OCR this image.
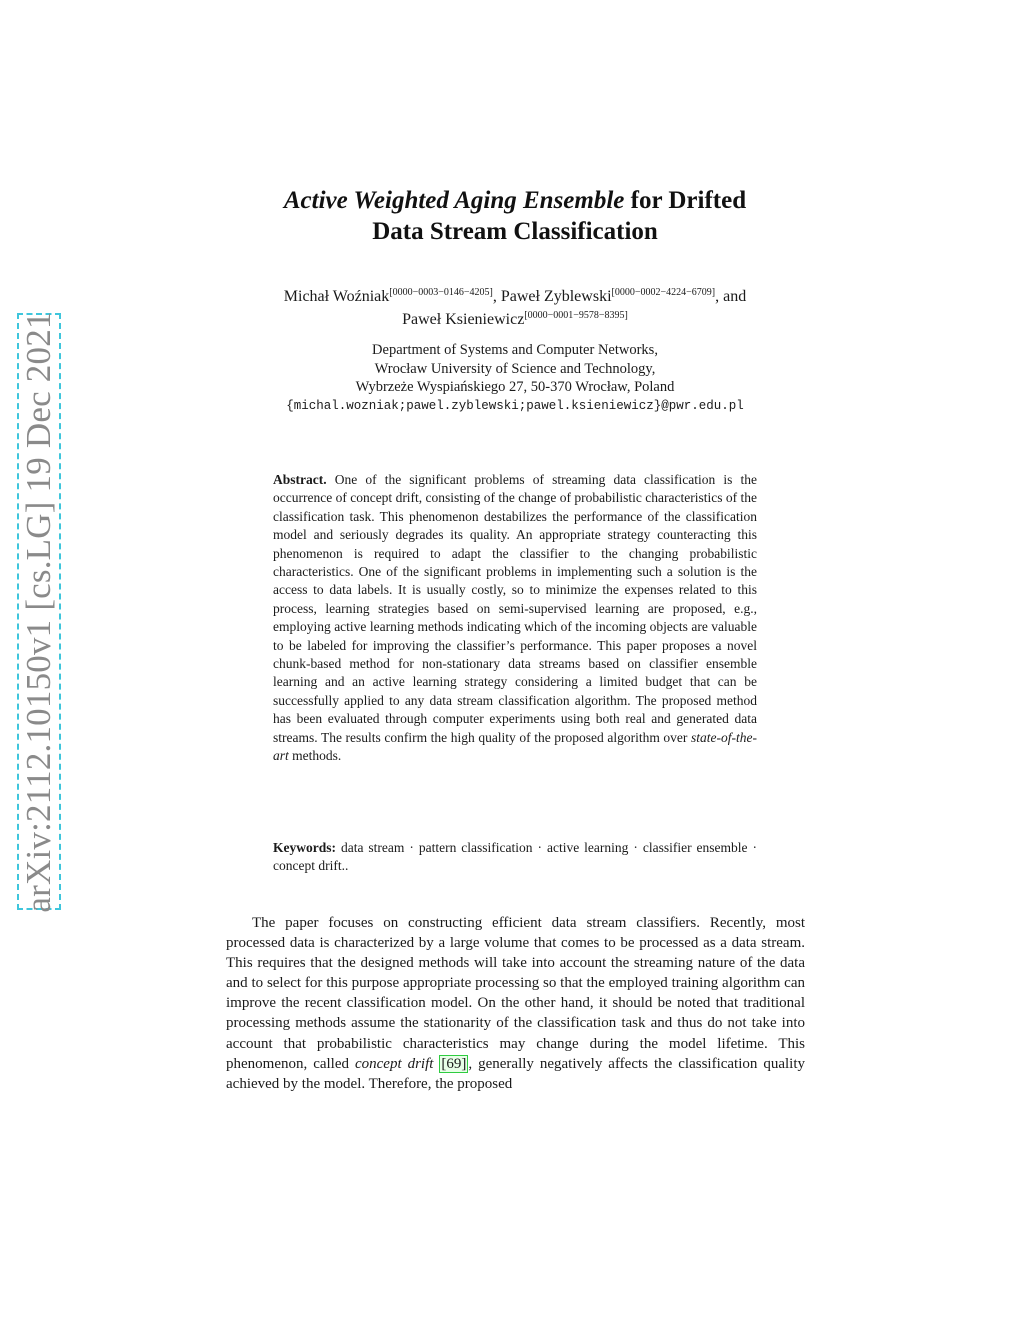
arXiv:2112.10150v1 [cs.LG] 19 Dec 2021
Active Weighted Aging Ensemble for Drifted
Data Stream Classification
Michał Woźniak[0000−0003−0146−4205], Paweł Zyblewski[0000−0002−4224−6709], and
Paweł Ksieniewicz[0000−0001−9578−8395]
Department of Systems and Computer Networks,
Wrocław University of Science and Technology,
Wybrzeże Wyspiańskiego 27, 50-370 Wrocław, Poland
{michal.wozniak;pawel.zyblewski;pawel.ksieniewicz}@pwr.edu.pl
Abstract. One of the significant problems of streaming data classification is the occurrence of concept drift, consisting of the change of probabilistic characteristics of the classification task. This phenomenon destabilizes the performance of the classification model and seriously degrades its quality. An appropriate strategy counteracting this phenomenon is required to adapt the classifier to the changing probabilistic characteristics. One of the significant problems in implementing such a solution is the access to data labels. It is usually costly, so to minimize the expenses related to this process, learning strategies based on semi-supervised learning are proposed, e.g., employing active learning methods indicating which of the incoming objects are valuable to be labeled for improving the classifier’s performance. This paper proposes a novel chunk-based method for non-stationary data streams based on classifier ensemble learning and an active learning strategy considering a limited budget that can be successfully applied to any data stream classification algorithm. The proposed method has been evaluated through computer experiments using both real and generated data streams. The results confirm the high quality of the proposed algorithm over state-of-the-art methods.
Keywords: data stream · pattern classification · active learning · classifier ensemble · concept drift..
The paper focuses on constructing efficient data stream classifiers. Recently, most processed data is characterized by a large volume that comes to be processed as a data stream. This requires that the designed methods will take into account the streaming nature of the data and to select for this purpose appropriate processing so that the employed training algorithm can improve the recent classification model. On the other hand, it should be noted that traditional processing methods assume the stationarity of the classification task and thus do not take into account that probabilistic characteristics may change during the model lifetime. This phenomenon, called concept drift [69] , generally negatively affects the classification quality achieved by the model. Therefore, the proposed
